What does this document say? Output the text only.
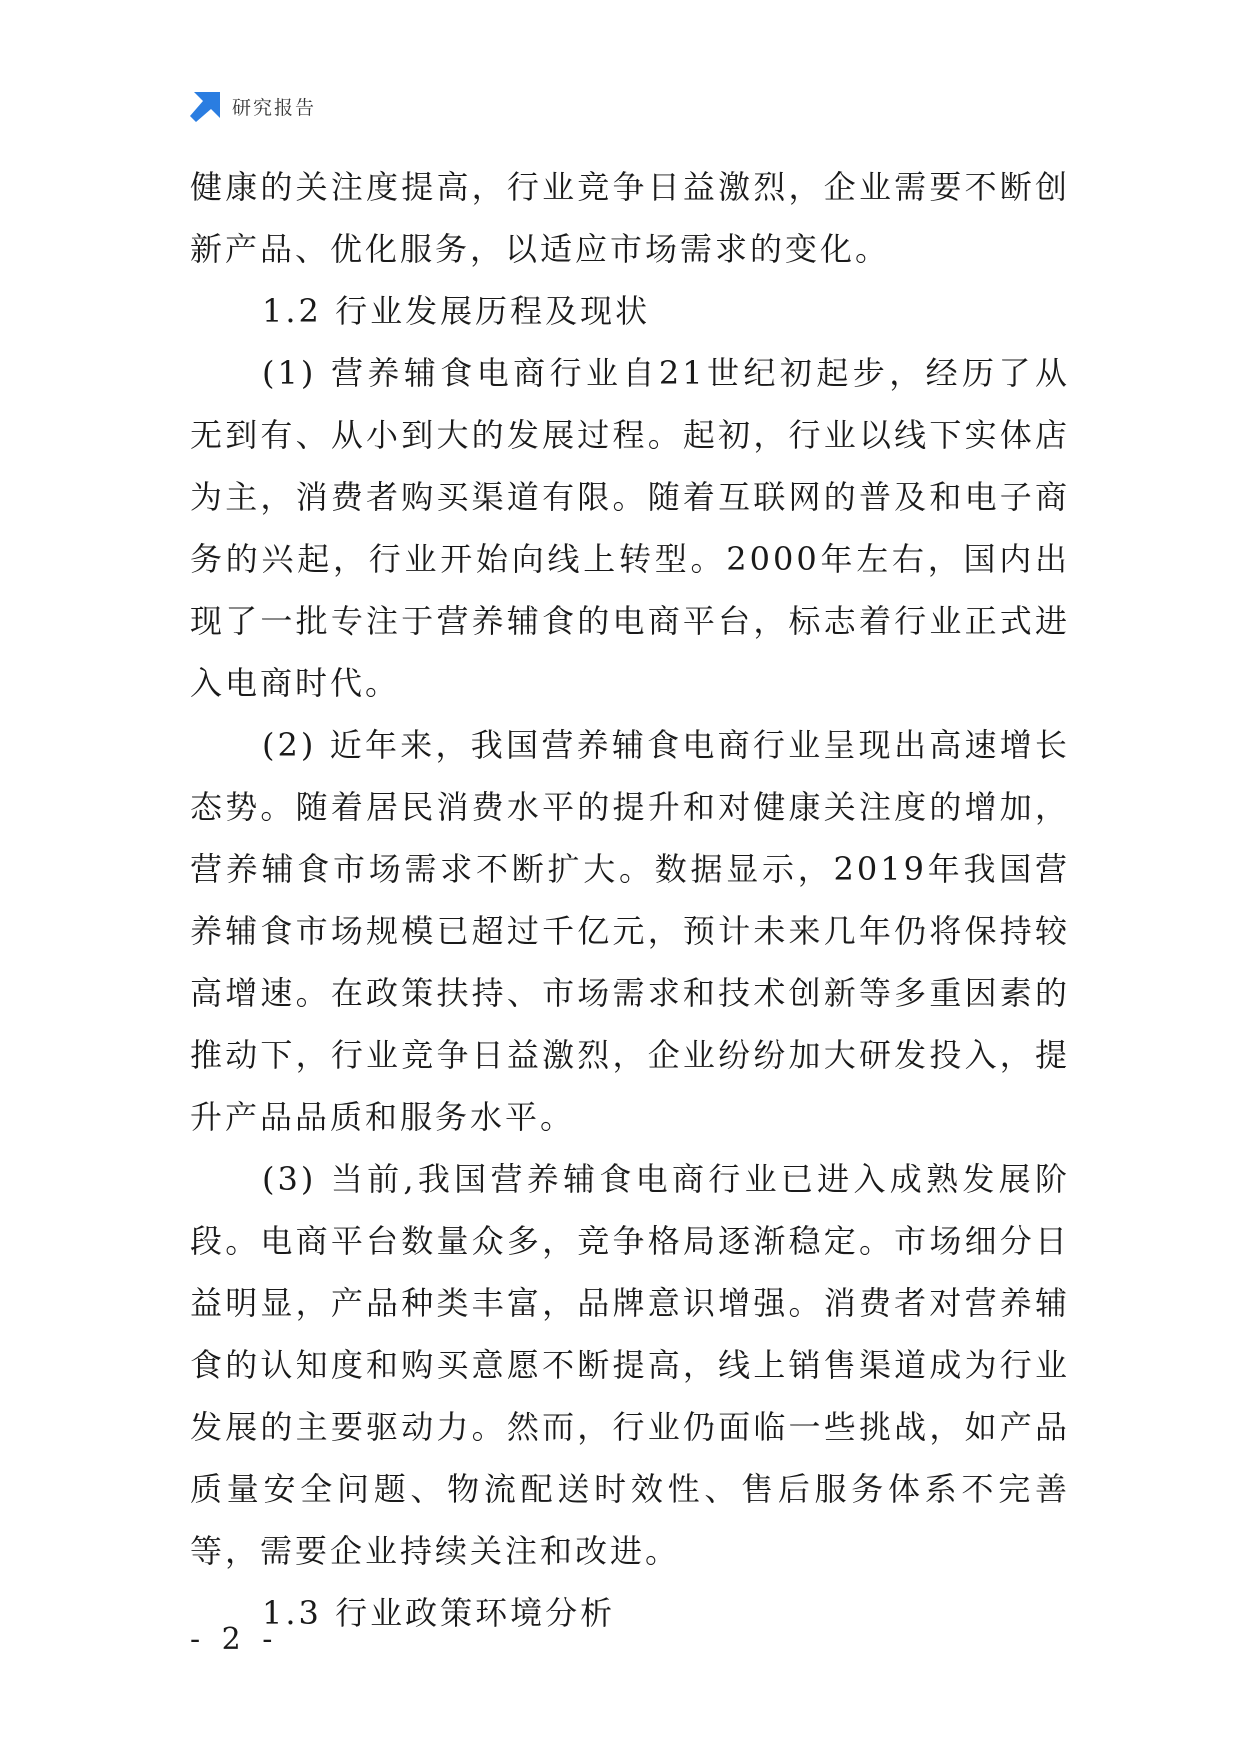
研究报告

健康的关注度提高，行业竞争日益激烈，企业需要不断创新产品、优化服务，以适应市场需求的变化。

1.2 行业发展历程及现状

(1) 营养辅食电商行业自21世纪初起步，经历了从无到有、从小到大的发展过程。起初，行业以线下实体店为主，消费者购买渠道有限。随着互联网的普及和电子商务的兴起，行业开始向线上转型。2000年左右，国内出现了一批专注于营养辅食的电商平台，标志着行业正式进入电商时代。

(2) 近年来，我国营养辅食电商行业呈现出高速增长态势。随着居民消费水平的提升和对健康关注度的增加，营养辅食市场需求不断扩大。数据显示，2019年我国营养辅食市场规模已超过千亿元，预计未来几年仍将保持较高增速。在政策扶持、市场需求和技术创新等多重因素的推动下，行业竞争日益激烈，企业纷纷加大研发投入，提升产品品质和服务水平。

(3) 当前,我国营养辅食电商行业已进入成熟发展阶段。电商平台数量众多，竞争格局逐渐稳定。市场细分日益明显，产品种类丰富，品牌意识增强。消费者对营养辅食的认知度和购买意愿不断提高，线上销售渠道成为行业发展的主要驱动力。然而，行业仍面临一些挑战，如产品质量安全问题、物流配送时效性、售后服务体系不完善等，需要企业持续关注和改进。

1.3 行业政策环境分析

- 2 -
